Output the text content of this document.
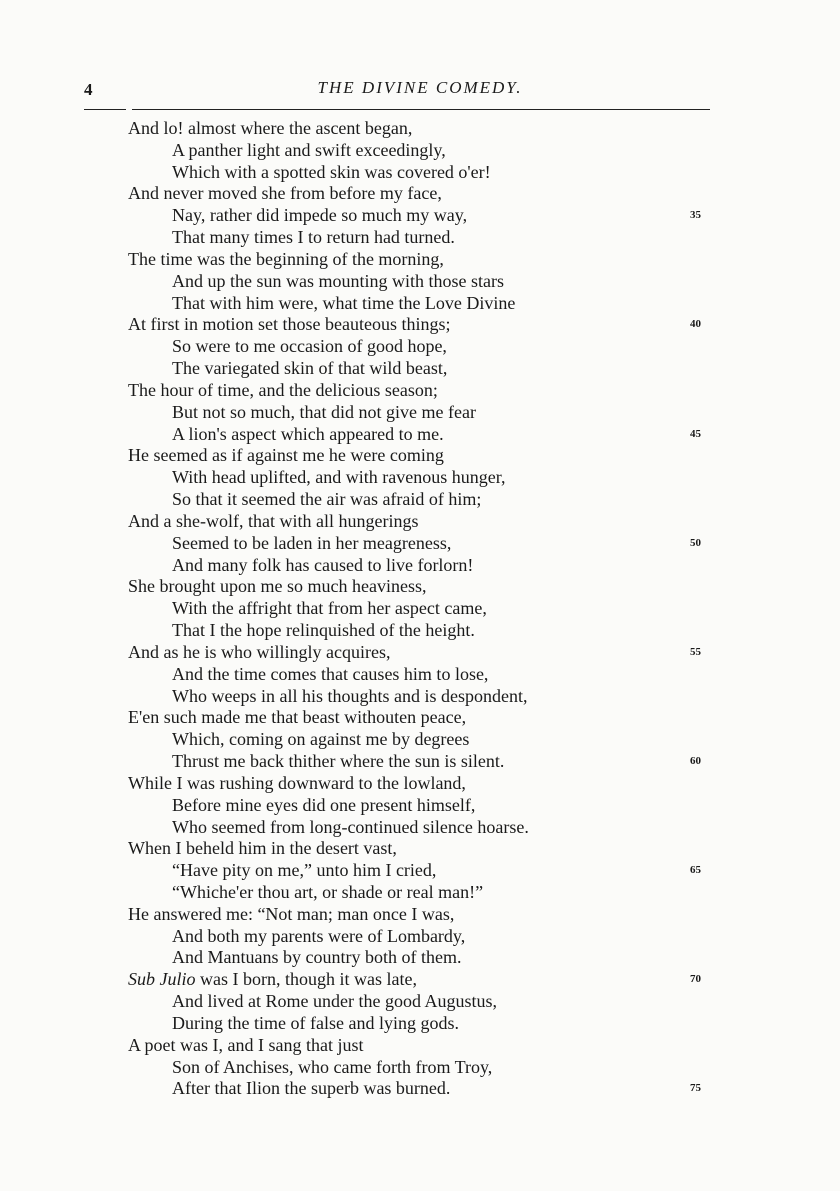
4	THE DIVINE COMEDY.
And lo! almost where the ascent began,
A panther light and swift exceedingly,
Which with a spotted skin was covered o'er!
And never moved she from before my face,
Nay, rather did impede so much my way,	35
That many times I to return had turned.
The time was the beginning of the morning,
And up the sun was mounting with those stars
That with him were, what time the Love Divine
At first in motion set those beauteous things;	40
So were to me occasion of good hope,
The variegated skin of that wild beast,
The hour of time, and the delicious season;
But not so much, that did not give me fear
A lion's aspect which appeared to me.	45
He seemed as if against me he were coming
With head uplifted, and with ravenous hunger,
So that it seemed the air was afraid of him;
And a she-wolf, that with all hungerings
Seemed to be laden in her meagreness,	50
And many folk has caused to live forlorn!
She brought upon me so much heaviness,
With the affright that from her aspect came,
That I the hope relinquished of the height.
And as he is who willingly acquires,	55
And the time comes that causes him to lose,
Who weeps in all his thoughts and is despondent,
E'en such made me that beast withouten peace,
Which, coming on against me by degrees
Thrust me back thither where the sun is silent.	60
While I was rushing downward to the lowland,
Before mine eyes did one present himself,
Who seemed from long-continued silence hoarse.
When I beheld him in the desert vast,
“Have pity on me,” unto him I cried,	65
“Whiche'er thou art, or shade or real man!”
He answered me: “Not man; man once I was,
And both my parents were of Lombardy,
And Mantuans by country both of them.
Sub Julio was I born, though it was late,	70
And lived at Rome under the good Augustus,
During the time of false and lying gods.
A poet was I, and I sang that just
Son of Anchises, who came forth from Troy,
After that Ilion the superb was burned.	75
